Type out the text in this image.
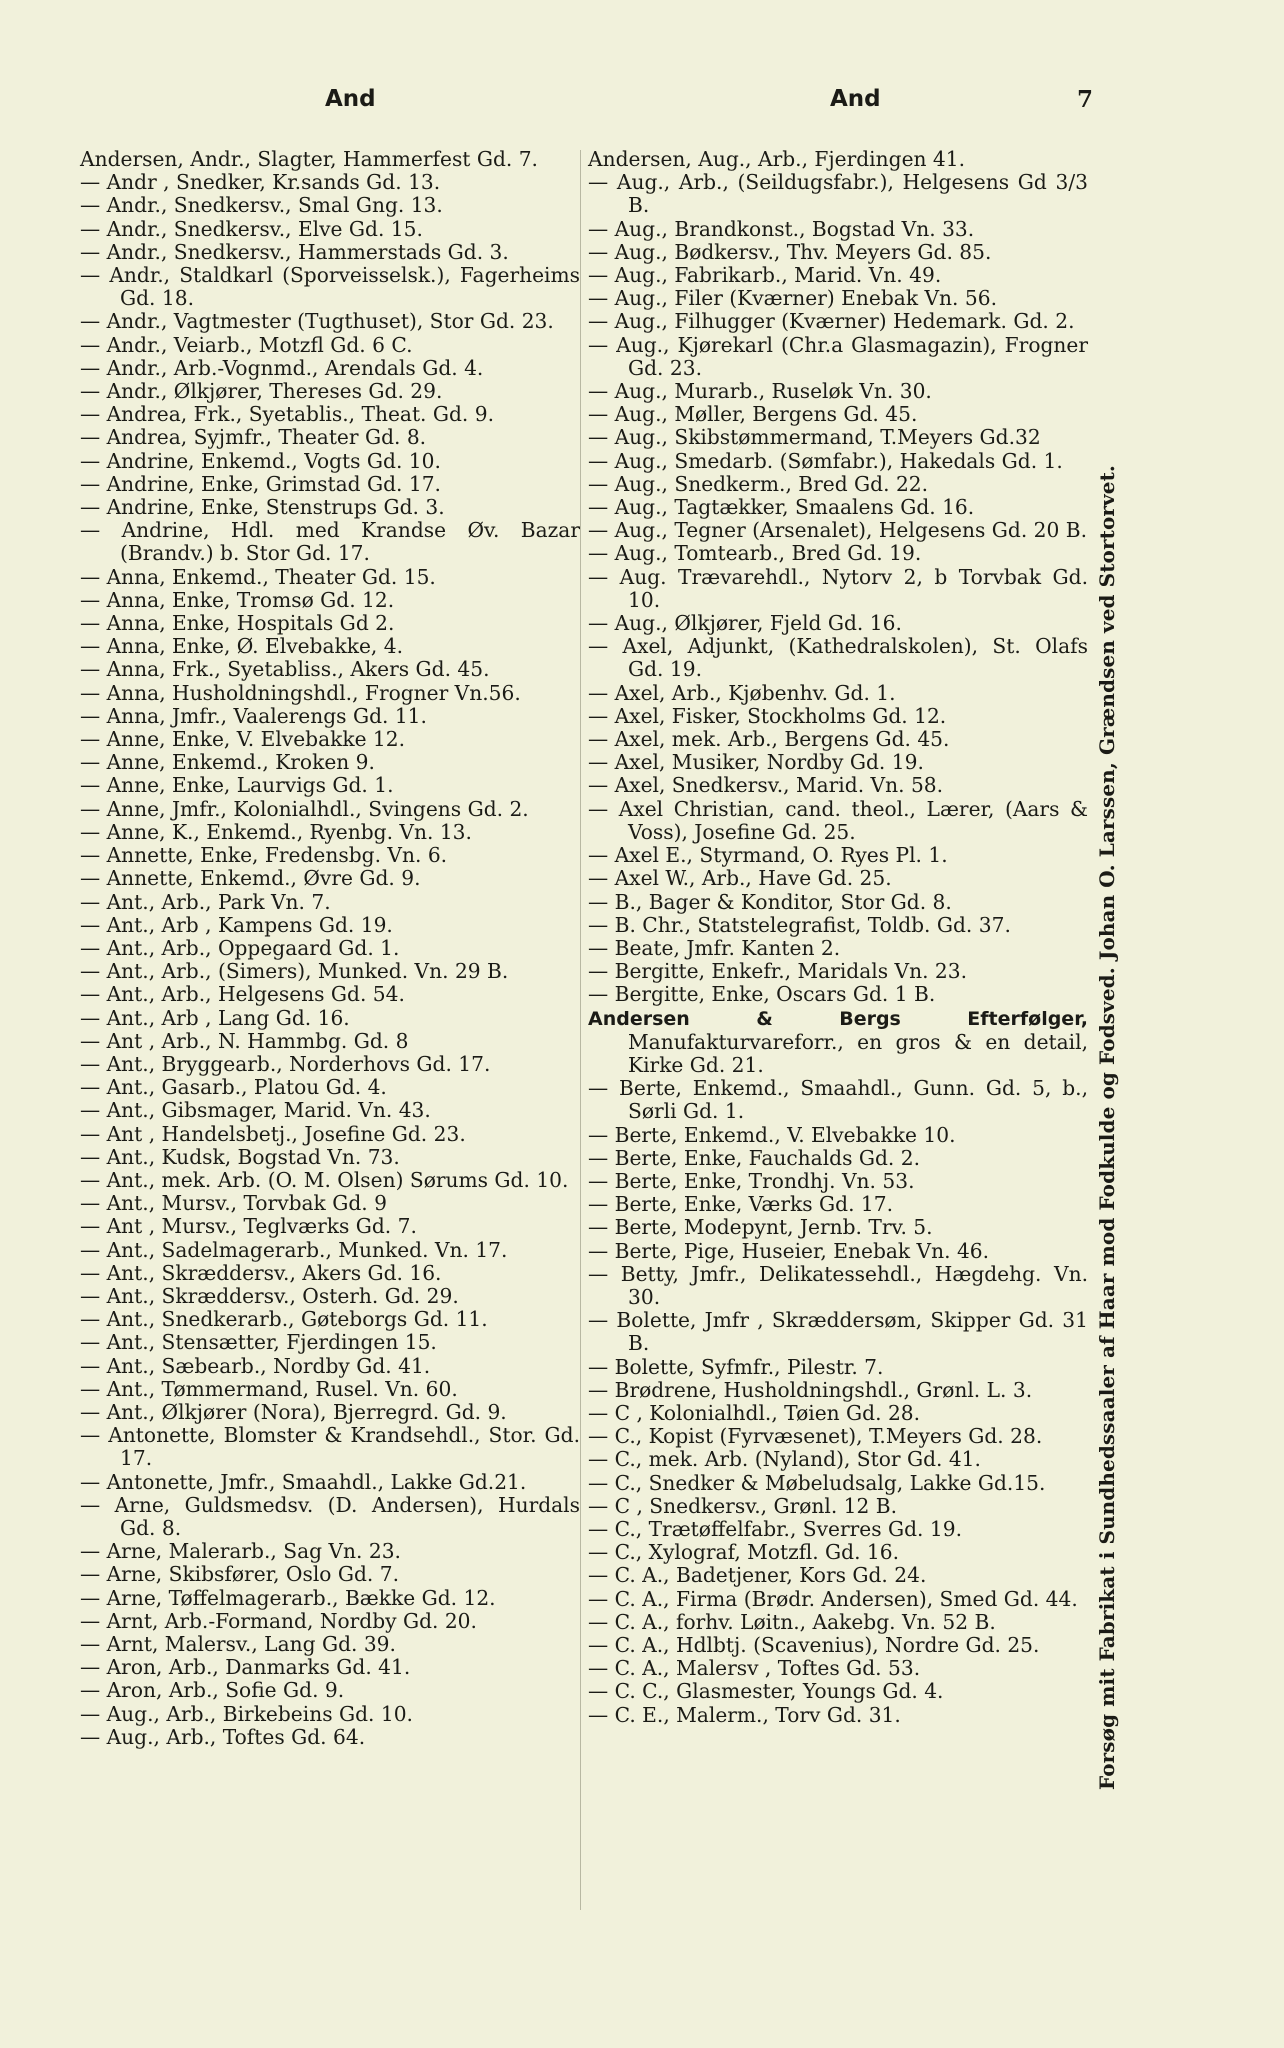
And	And	7
Andersen, Andr., Slagter, Hammerfest Gd. 7.
— Andr , Snedker, Kr.sands Gd. 13.
— Andr., Snedkersv., Smal Gng. 13.
— Andr., Snedkersv., Elve Gd. 15.
— Andr., Snedkersv., Hammerstads Gd. 3.
— Andr., Staldkarl (Sporveisselsk.), Fagerheims Gd. 18.
— Andr., Vagtmester (Tugthuset), Stor Gd. 23.
— Andr., Veiarb., Motzfl Gd. 6 C.
— Andr., Arb.-Vognmd., Arendals Gd. 4.
— Andr., Ølkjører, Thereses Gd. 29.
— Andrea, Frk., Syetablis., Theat. Gd. 9.
— Andrea, Syjmfr., Theater Gd. 8.
— Andrine, Enkemd., Vogts Gd. 10.
— Andrine, Enke, Grimstad Gd. 17.
— Andrine, Enke, Stenstrups Gd. 3.
— Andrine, Hdl. med Krandse Øv. Bazar (Brandv.) b. Stor Gd. 17.
— Anna, Enkemd., Theater Gd. 15.
— Anna, Enke, Tromsø Gd. 12.
— Anna, Enke, Hospitals Gd 2.
— Anna, Enke, Ø. Elvebakke, 4.
— Anna, Frk., Syetabliss., Akers Gd. 45.
— Anna, Husholdningshdl., Frogner Vn.56.
— Anna, Jmfr., Vaalerengs Gd. 11.
— Anne, Enke, V. Elvebakke 12.
— Anne, Enkemd., Kroken 9.
— Anne, Enke, Laurvigs Gd. 1.
— Anne, Jmfr., Kolonialhdl., Svingens Gd. 2.
— Anne, K., Enkemd., Ryenbg. Vn. 13.
— Annette, Enke, Fredensbg. Vn. 6.
— Annette, Enkemd., Øvre Gd. 9.
— Ant., Arb., Park Vn. 7.
— Ant., Arb , Kampens Gd. 19.
— Ant., Arb., Oppegaard Gd. 1.
— Ant., Arb., (Simers), Munked. Vn. 29 B.
— Ant., Arb., Helgesens Gd. 54.
— Ant., Arb , Lang Gd. 16.
— Ant , Arb., N. Hammbg. Gd. 8
— Ant., Bryggearb., Norderhovs Gd. 17.
— Ant., Gasarb., Platou Gd. 4.
— Ant., Gibsmager, Marid. Vn. 43.
— Ant , Handelsbetj., Josefine Gd. 23.
— Ant., Kudsk, Bogstad Vn. 73.
— Ant., mek. Arb. (O. M. Olsen) Sørums Gd. 10.
— Ant., Mursv., Torvbak Gd. 9
— Ant , Mursv., Teglværks Gd. 7.
— Ant., Sadelmagerarb., Munked. Vn. 17.
— Ant., Skræddersv., Akers Gd. 16.
— Ant., Skræddersv., Osterh. Gd. 29.
— Ant., Snedkerarb., Gøteborgs Gd. 11.
— Ant., Stensætter, Fjerdingen 15.
— Ant., Sæbearb., Nordby Gd. 41.
— Ant., Tømmermand, Rusel. Vn. 60.
— Ant., Ølkjører (Nora), Bjerregrd. Gd. 9.
— Antonette, Blomster & Krandsehdl., Stor. Gd. 17.
— Antonette, Jmfr., Smaahdl., Lakke Gd.21.
— Arne, Guldsmedsv. (D. Andersen), Hurdals Gd. 8.
— Arne, Malerarb., Sag Vn. 23.
— Arne, Skibsfører, Oslo Gd. 7.
— Arne, Tøffelmagerarb., Bække Gd. 12.
— Arnt, Arb.-Formand, Nordby Gd. 20.
— Arnt, Malersv., Lang Gd. 39.
— Aron, Arb., Danmarks Gd. 41.
— Aron, Arb., Sofie Gd. 9.
— Aug., Arb., Birkebeins Gd. 10.
— Aug., Arb., Toftes Gd. 64.
Andersen, Aug., Arb., Fjerdingen 41.
— Aug., Arb., (Seildugsfabr.), Helgesens Gd 3/3 B.
— Aug., Brandkonst., Bogstad Vn. 33.
— Aug., Bødkersv., Thv. Meyers Gd. 85.
— Aug., Fabrikarb., Marid. Vn. 49.
— Aug., Filer (Kværner) Enebak Vn. 56.
— Aug., Filhugger (Kværner) Hedemark. Gd. 2.
— Aug., Kjørekarl (Chr.a Glasmagazin), Frogner Gd. 23.
— Aug., Murarb., Ruseløk Vn. 30.
— Aug., Møller, Bergens Gd. 45.
— Aug., Skibstømmermand, T.Meyers Gd.32
— Aug., Smedarb. (Sømfabr.), Hakedals Gd. 1.
— Aug., Snedkerm., Bred Gd. 22.
— Aug., Tagtækker, Smaalens Gd. 16.
— Aug., Tegner (Arsenalet), Helgesens Gd. 20 B.
— Aug., Tomtearb., Bred Gd. 19.
— Aug. Trævarehdl., Nytorv 2, b Torvbak Gd. 10.
— Aug., Ølkjører, Fjeld Gd. 16.
— Axel, Adjunkt, (Kathedralskolen), St. Olafs Gd. 19.
— Axel, Arb., Kjøbenhv. Gd. 1.
— Axel, Fisker, Stockholms Gd. 12.
— Axel, mek. Arb., Bergens Gd. 45.
— Axel, Musiker, Nordby Gd. 19.
— Axel, Snedkersv., Marid. Vn. 58.
— Axel Christian, cand. theol., Lærer, (Aars & Voss), Josefine Gd. 25.
— Axel E., Styrmand, O. Ryes Pl. 1.
— Axel W., Arb., Have Gd. 25.
— B., Bager & Konditor, Stor Gd. 8.
— B. Chr., Statstelegrafist, Toldb. Gd. 37.
— Beate, Jmfr. Kanten 2.
— Bergitte, Enkefr., Maridals Vn. 23.
— Bergitte, Enke, Oscars Gd. 1 B.
Andersen & Bergs Efterfølger, Manufakturvareforr., en gros & en detail, Kirke Gd. 21.
— Berte, Enkemd., Smaahdl., Gunn. Gd. 5, b., Sørli Gd. 1.
— Berte, Enkemd., V. Elvebakke 10.
— Berte, Enke, Fauchalds Gd. 2.
— Berte, Enke, Trondhj. Vn. 53.
— Berte, Enke, Værks Gd. 17.
— Berte, Modepynt, Jernb. Trv. 5.
— Berte, Pige, Huseier, Enebak Vn. 46.
— Betty, Jmfr., Delikatessehdl., Hægdehg. Vn. 30.
— Bolette, Jmfr , Skræddersøm, Skipper Gd. 31 B.
— Bolette, Syfmfr., Pilestr. 7.
— Brødrene, Husholdningshdl., Grønl. L. 3.
— C , Kolonialhdl., Tøien Gd. 28.
— C., Kopist (Fyrvæsenet), T.Meyers Gd. 28.
— C., mek. Arb. (Nyland), Stor Gd. 41.
— C., Snedker & Møbeludsalg, Lakke Gd.15.
— C , Snedkersv., Grønl. 12 B.
— C., Trætøffelfabr., Sverres Gd. 19.
— C., Xylograf, Motzfl. Gd. 16.
— C. A., Badetjener, Kors Gd. 24.
— C. A., Firma (Brødr. Andersen), Smed Gd. 44.
— C. A., forhv. Løitn., Aakebg. Vn. 52 B.
— C. A., Hdlbtj. (Scavenius), Nordre Gd. 25.
— C. A., Malersv , Toftes Gd. 53.
— C. C., Glasmester, Youngs Gd. 4.
— C. E., Malerm., Torv Gd. 31.	Forsøg mit Fabrikat i Sundhedssaaler af Haar mod Fodkulde og Fodsved. Johan O. Larssen, Grændsen ved Stortorvet.
